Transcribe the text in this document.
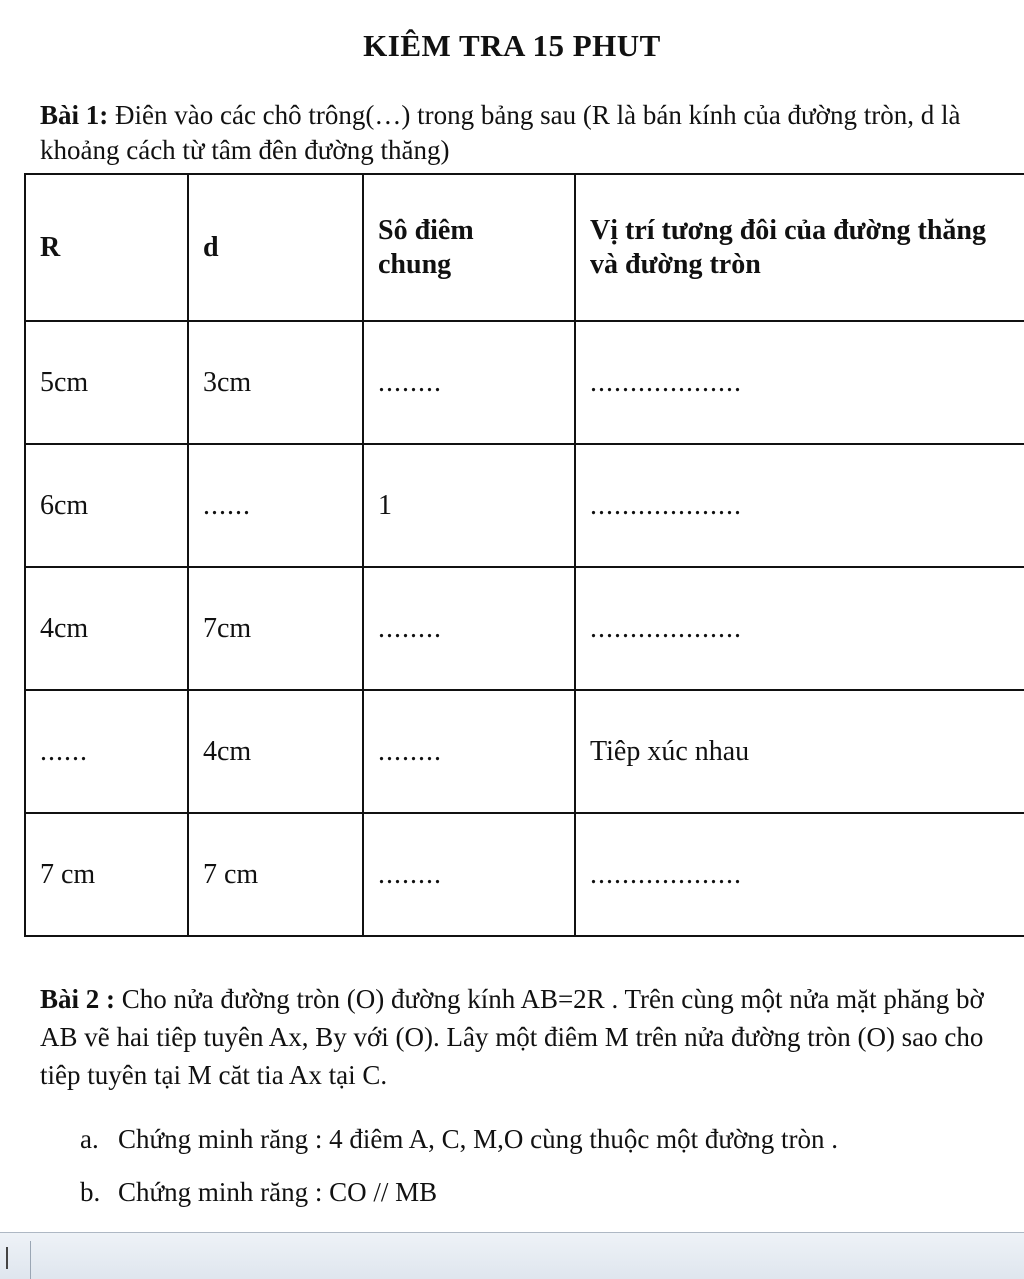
KIÊM TRA 15 PHUT
Bài 1: Điên vào các chô trông(…) trong bảng sau (R là bán kính của đường tròn, d là khoảng cách từ tâm đên đường thăng)
R	d	Sô điêm chung	Vị trí tương đôi của đường thăng và đường tròn

5cm	3cm	........	...................
6cm	......	1	...................
4cm	7cm	........	...................
......	4cm	........	Tiêp xúc nhau
7 cm	7 cm	........	...................
Bài 2 : Cho nửa đường tròn (O) đường kính AB=2R . Trên cùng một nửa mặt phăng bờ AB vẽ hai tiêp tuyên Ax, By với (O). Lây một điêm M trên nửa đường tròn (O) sao cho tiêp tuyên tại M căt tia Ax tại C.
a. Chứng minh răng : 4 điêm A, C, M,O cùng thuộc một đường tròn .
b. Chứng minh răng : CO // MB
